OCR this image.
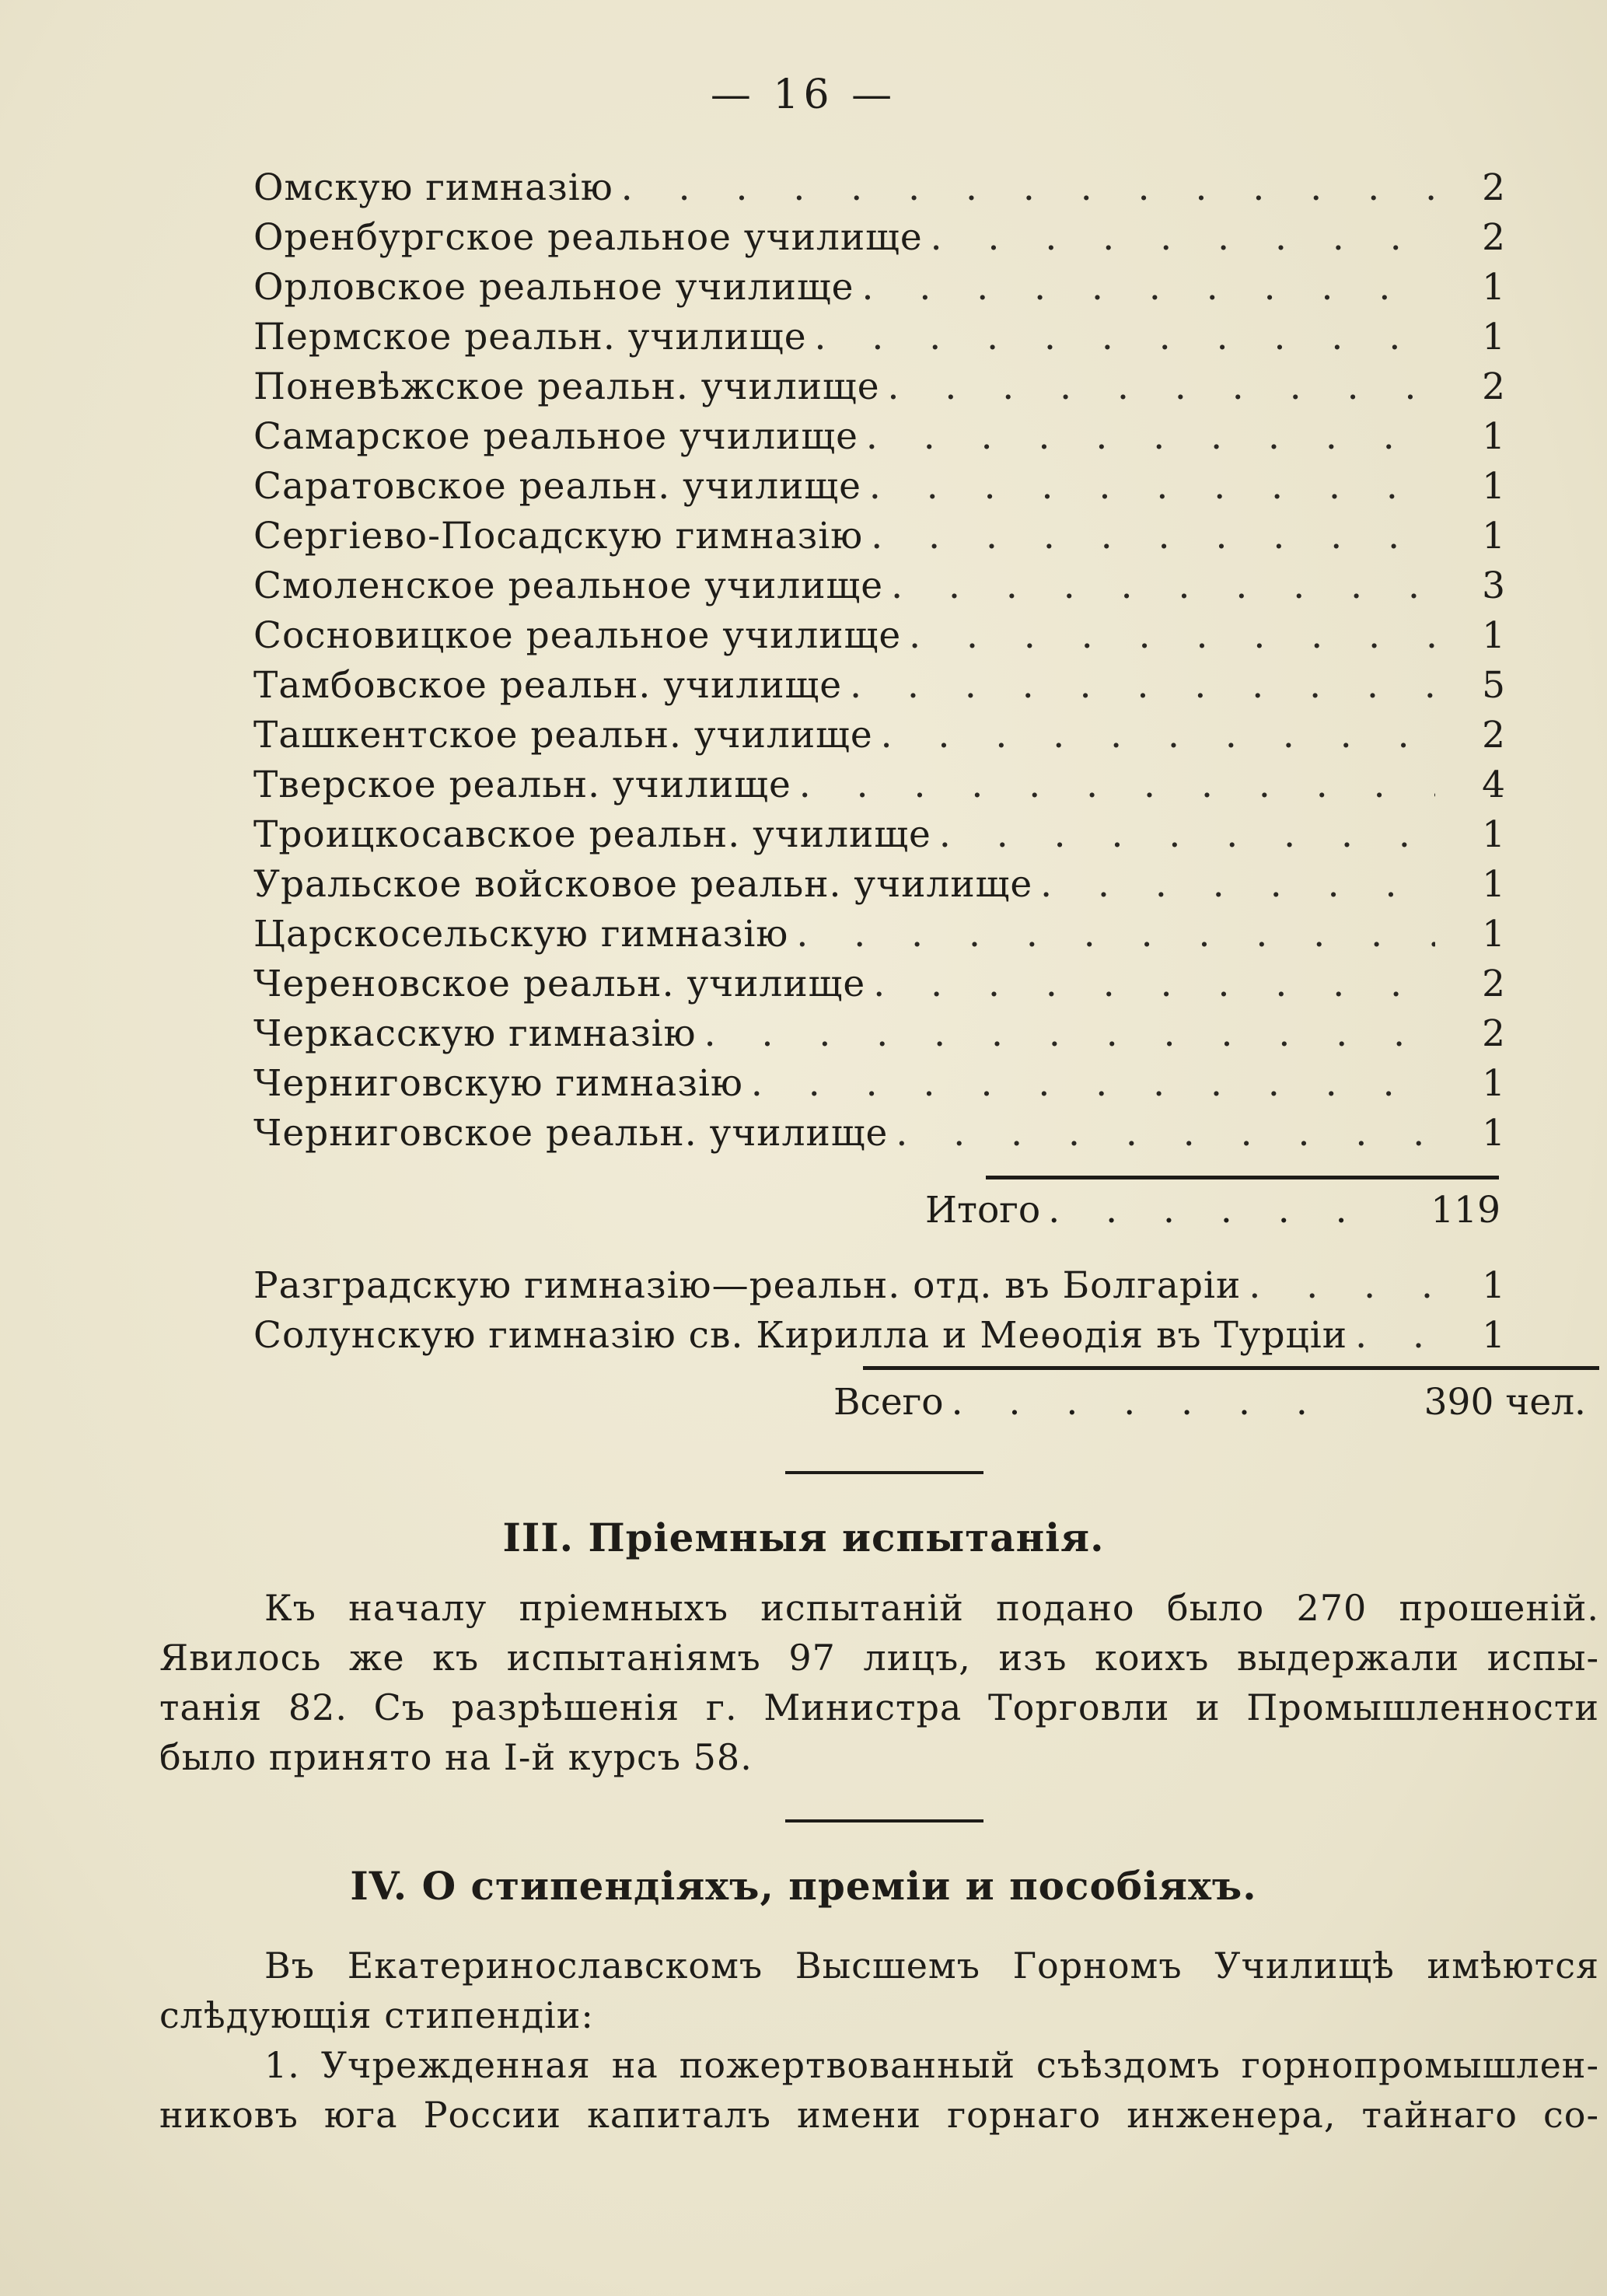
— 16 —
Омскую гимназію . . .	2
Оренбургское реальное училище . . .	2
Орловское реальное училище . . .	1
Пермское реальн. училище . . .	1
Поневѣжское реальн. училище . . .	2
Самарское реальное училище . . .	1
Саратовское реальн. училище . . .	1
Сергіево-Посадскую гимназію . . .	1
Смоленское реальное училище . . .	3
Сосновицкое реальное училище . . .	1
Тамбовское реальн. училище . . .	5
Ташкентское реальн. училище . . .	2
Тверское реальн. училище . . .	4
Троицкосавское реальн. училище . . .	1
Уральское войсковое реальн. училище . . .	1
Царскосельскую гимназію . . .	1
Череновское реальн. училище . . .	2
Черкасскую гимназію . . .	2
Черниговскую гимназію . . .	1
Черниговское реальн. училище . . .	1
Итого . . .	119
Разградскую гимназію—реальн. отд. въ Болгаріи . . .	1
Солунскую гимназію св. Кирилла и Меѳодія въ Турціи . . .	1
Всего . . .	390 чел.
III. Пріемныя испытанія.
Къ началу пріемныхъ испытаній подано было 270 прошеній.
Явилось же къ испытаніямъ 97 лицъ, изъ коихъ выдержали испы-
танія 82. Съ разрѣшенія г. Министра Торговли и Промышленности
было принято на I-й курсъ 58.
IV. О стипендіяхъ, преміи и пособіяхъ.
Въ Екатеринославскомъ Высшемъ Горномъ Училищѣ имѣются
слѣдующія стипендіи:
1. Учрежденная на пожертвованный съѣздомъ горнопромышлен-
никовъ юга России капиталъ имени горнаго инженера, тайнаго со-
